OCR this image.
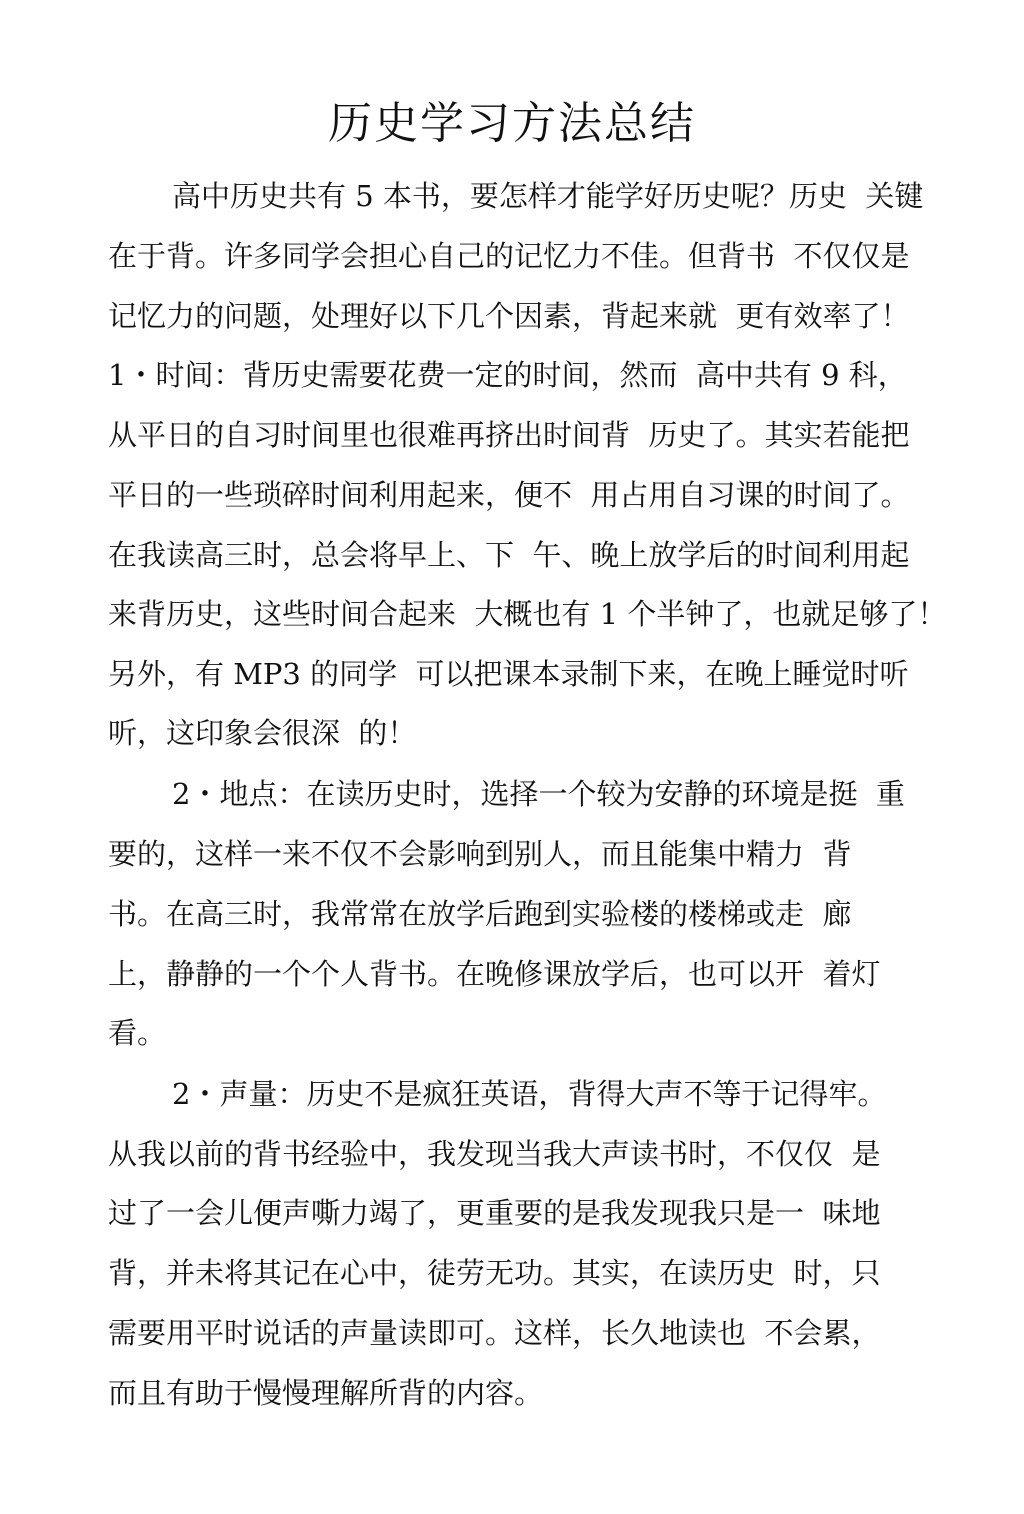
历史学习方法总结

高中历史共有 5 本书，要怎样才能学好历史呢？历史  关键

在于背。许多同学会担心自己的记忆力不佳。但背书  不仅仅是

记忆力的问题，处理好以下几个因素，背起来就  更有效率了！

1・时间：背历史需要花费一定的时间，然而  高中共有 9 科，

从平日的自习时间里也很难再挤出时间背  历史了。其实若能把

平日的一些琐碎时间利用起来，便不  用占用自习课的时间了。

在我读高三时，总会将早上、下  午、晚上放学后的时间利用起

来背历史，这些时间合起来  大概也有 1 个半钟了，也就足够了！

另外，有 MP3 的同学  可以把课本录制下来，在晚上睡觉时听

听，这印象会很深  的！

2・地点：在读历史时，选择一个较为安静的环境是挺  重

要的，这样一来不仅不会影响到别人，而且能集中精力  背

书。在高三时，我常常在放学后跑到实验楼的楼梯或走  廊

上，静静的一个个人背书。在晚修课放学后，也可以开  着灯

看。

2・声量：历史不是疯狂英语，背得大声不等于记得牢。

从我以前的背书经验中，我发现当我大声读书时，不仅仅  是

过了一会儿便声嘶力竭了，更重要的是我发现我只是一  味地

背，并未将其记在心中，徒劳无功。其实，在读历史  时，只

需要用平时说话的声量读即可。这样，长久地读也  不会累，

而且有助于慢慢理解所背的内容。
